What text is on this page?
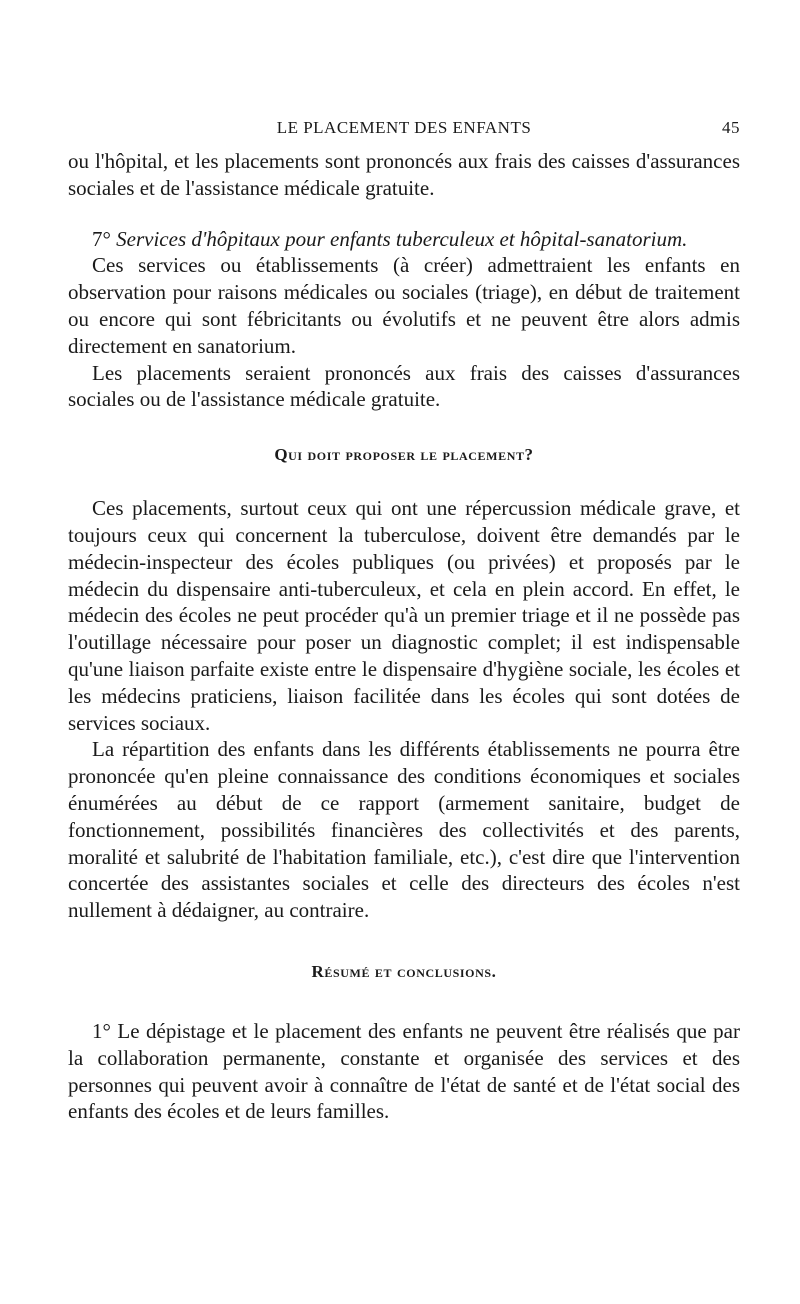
LE PLACEMENT DES ENFANTS	45

ou l'hôpital, et les placements sont prononcés aux frais des caisses d'assurances sociales et de l'assistance médicale gratuite.

7° Services d'hôpitaux pour enfants tuberculeux et hôpital-sanatorium.

Ces services ou établissements (à créer) admettraient les enfants en observation pour raisons médicales ou sociales (triage), en début de traitement ou encore qui sont fébricitants ou évolutifs et ne peuvent être alors admis directement en sanatorium.

Les placements seraient prononcés aux frais des caisses d'assurances sociales ou de l'assistance médicale gratuite.

Qui doit proposer le placement?

Ces placements, surtout ceux qui ont une répercussion médicale grave, et toujours ceux qui concernent la tuberculose, doivent être demandés par le médecin-inspecteur des écoles publiques (ou privées) et proposés par le médecin du dispensaire anti-tuberculeux, et cela en plein accord. En effet, le médecin des écoles ne peut procéder qu'à un premier triage et il ne possède pas l'outillage nécessaire pour poser un diagnostic complet; il est indispensable qu'une liaison parfaite existe entre le dispensaire d'hygiène sociale, les écoles et les médecins praticiens, liaison facilitée dans les écoles qui sont dotées de services sociaux.

La répartition des enfants dans les différents établissements ne pourra être prononcée qu'en pleine connaissance des conditions économiques et sociales énumérées au début de ce rapport (armement sanitaire, budget de fonctionnement, possibilités financières des collectivités et des parents, moralité et salubrité de l'habitation familiale, etc.), c'est dire que l'intervention concertée des assistantes sociales et celle des directeurs des écoles n'est nullement à dédaigner, au contraire.

Résumé et conclusions.

1° Le dépistage et le placement des enfants ne peuvent être réalisés que par la collaboration permanente, constante et organisée des services et des personnes qui peuvent avoir à connaître de l'état de santé et de l'état social des enfants des écoles et de leurs familles.
